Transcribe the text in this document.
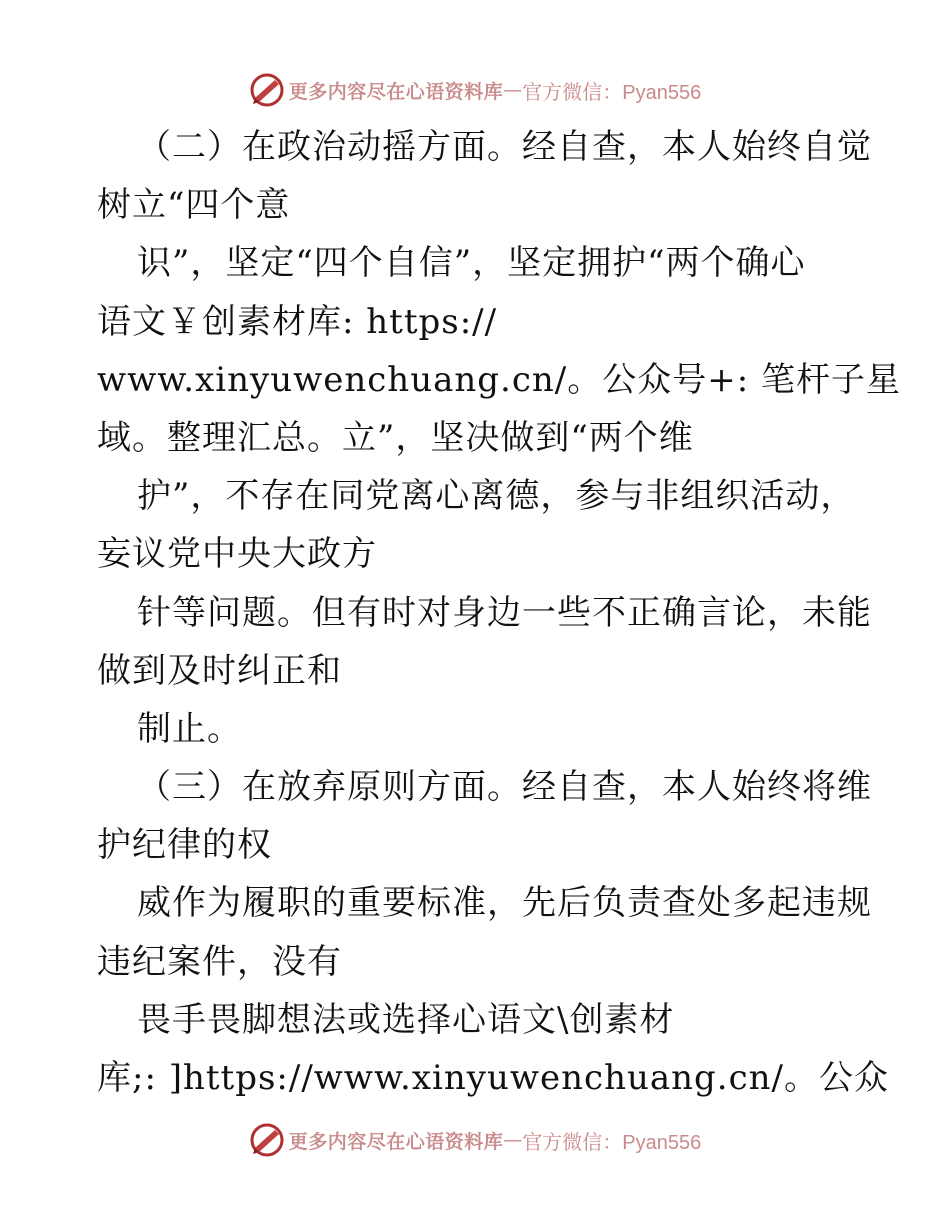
更多内容尽在心语资料库 — 官方微信：Pyan556
（二）在政治动摇方面。经自查，本人始终自觉
树立“四个意
识”，坚定“四个自信”，坚定拥护“两个确心
语文￥创素材库: https://
www.xinyuwenchuang.cn/。公众号+: 笔杆子星
域。整理汇总。立”，坚决做到“两个维
护”，不存在同党离心离德，参与非组织活动，
妄议党中央大政方
针等问题。但有时对身边一些不正确言论，未能
做到及时纠正和
制止。
（三）在放弃原则方面。经自查，本人始终将维
护纪律的权
威作为履职的重要标准，先后负责查处多起违规
违纪案件，没有
畏手畏脚想法或选择心语文\创素材
库;: ]https://www.xinyuwenchuang.cn/。公众
更多内容尽在心语资料库 — 官方微信：Pyan556
